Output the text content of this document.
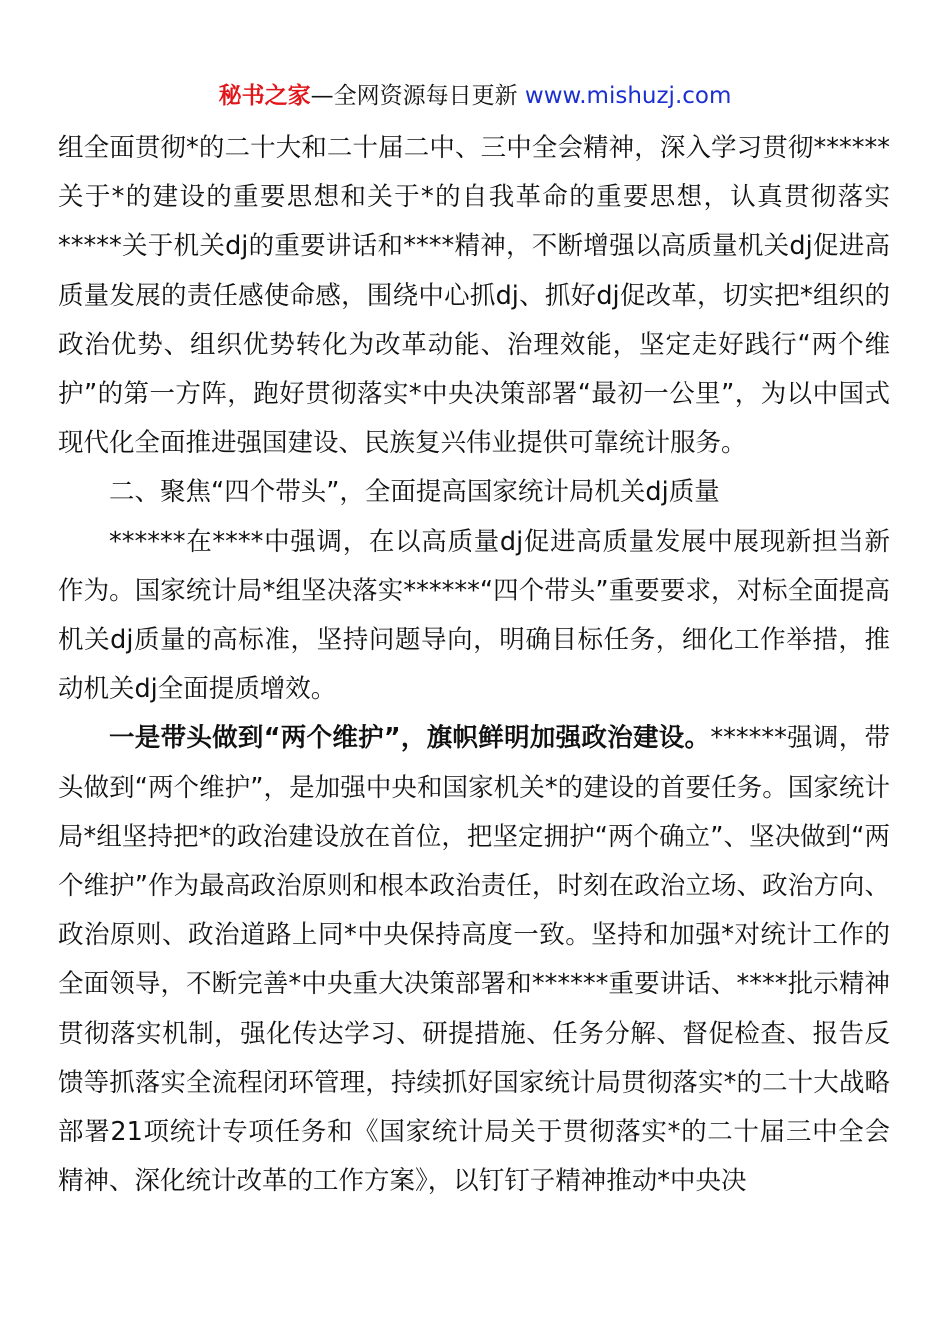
秘书之家—全网资源每日更新 www.mishuzj.com

组全面贯彻*的二十大和二十届二中、三中全会精神，深入学习贯彻******关于*的建设的重要思想和关于*的自我革命的重要思想，认真贯彻落实*****关于机关dj的重要讲话和****精神，不断增强以高质量机关dj促进高质量发展的责任感使命感，围绕中心抓dj、抓好dj促改革，切实把*组织的政治优势、组织优势转化为改革动能、治理效能，坚定走好践行“两个维护”的第一方阵，跑好贯彻落实*中央决策部署“最初一公里”，为以中国式现代化全面推进强国建设、民族复兴伟业提供可靠统计服务。

二、聚焦“四个带头”，全面提高国家统计局机关dj质量

******在****中强调，在以高质量dj促进高质量发展中展现新担当新作为。国家统计局*组坚决落实******“四个带头”重要要求，对标全面提高机关dj质量的高标准，坚持问题导向，明确目标任务，细化工作举措，推动机关dj全面提质增效。

一是带头做到“两个维护”，旗帜鲜明加强政治建设。******强调，带头做到“两个维护”，是加强中央和国家机关*的建设的首要任务。国家统计局*组坚持把*的政治建设放在首位，把坚定拥护“两个确立”、坚决做到“两个维护”作为最高政治原则和根本政治责任，时刻在政治立场、政治方向、政治原则、政治道路上同*中央保持高度一致。坚持和加强*对统计工作的全面领导，不断完善*中央重大决策部署和******重要讲话、****批示精神贯彻落实机制，强化传达学习、研提措施、任务分解、督促检查、报告反馈等抓落实全流程闭环管理，持续抓好国家统计局贯彻落实*的二十大战略部署21项统计专项任务和《国家统计局关于贯彻落实*的二十届三中全会精神、深化统计改革的工作方案》，以钉钉子精神推动*中央决
